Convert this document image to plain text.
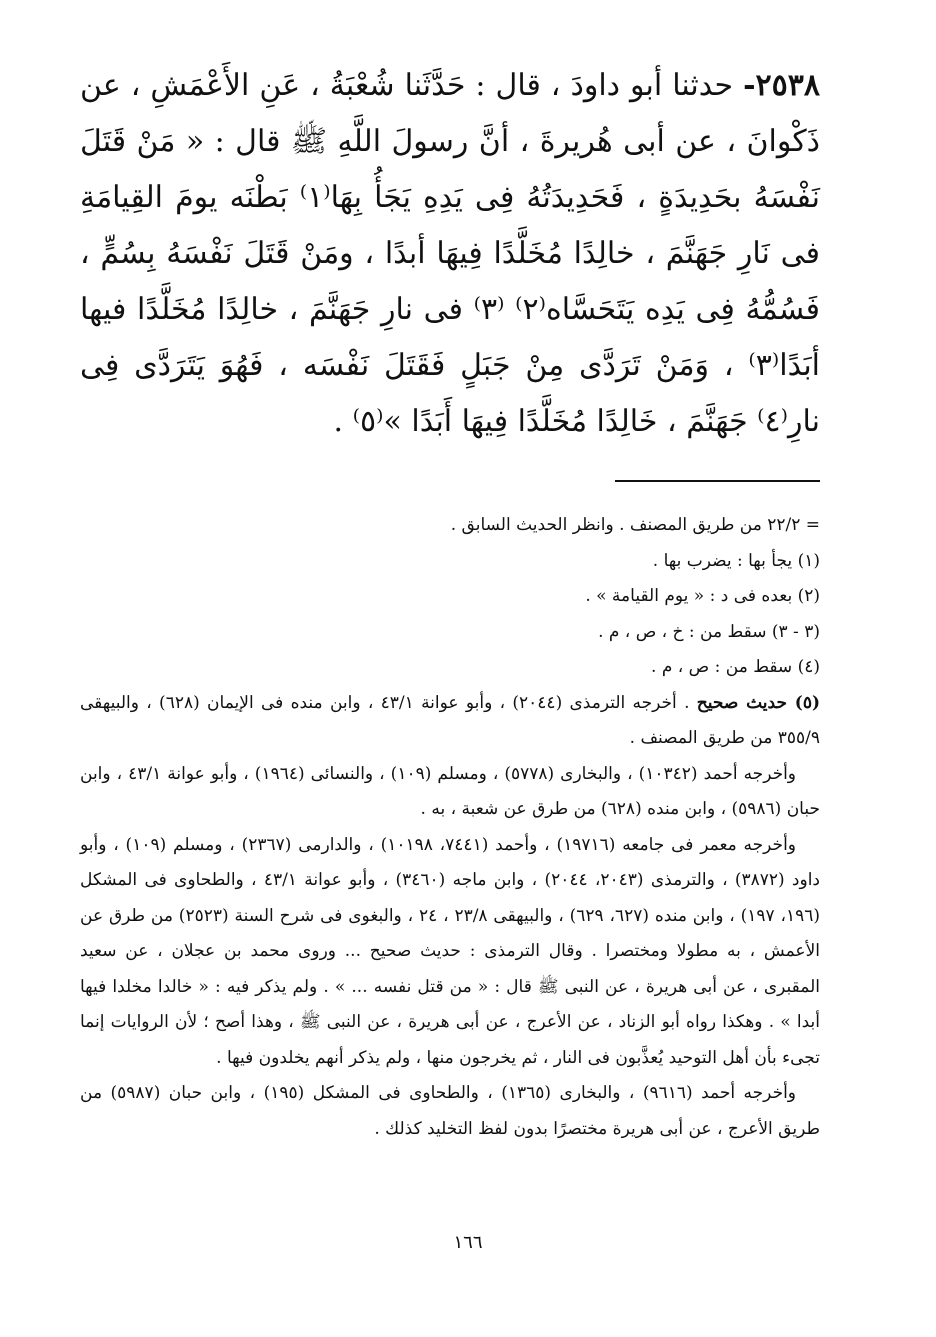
٢٥٣٨- حدثنا أبو داودَ ، قال : حَدَّثَنا شُعْبَةُ ، عَنِ الأَعْمَشِ ، عن ذَكْوانَ ، عن أبى هُريرةَ ، أنَّ رسولَ اللَّهِ ﷺ قال : « مَنْ قَتَلَ نَفْسَهُ بحَدِيدَةٍ ، فَحَدِيدَتُهُ فِى يَدِهِ يَجَأُ بِهَا⁽١⁾ بَطْنَه يومَ القِيامَةِ فى نَارِ جَهَنَّمَ ، خالِدًا مُخَلَّدًا فِيهَا أبدًا ، ومَنْ قَتَلَ نَفْسَهُ بِسُمٍّ ، فَسُمُّهُ فِى يَدِه يَتَحَسَّاه⁽٢⁾ ⁽٣⁾ فى نارِ جَهَنَّمَ ، خالِدًا مُخَلَّدًا فيها أبَدًا⁽٣⁾ ، وَمَنْ تَرَدَّى مِنْ جَبَلٍ فَقَتَلَ نَفْسَه ، فَهُوَ يَتَرَدَّى فِى نارِ⁽٤⁾ جَهَنَّمَ ، خَالِدًا مُخَلَّدًا فِيهَا أَبَدًا »⁽٥⁾ .

= ٢٢/٢ من طريق المصنف . وانظر الحديث السابق .

(١) يجأ بها : يضرب بها .

(٢) بعده فى د : « يوم القيامة » .

(٣ - ٣) سقط من : خ ، ص ، م .

(٤) سقط من : ص ، م .

(٥) حديث صحيح . أخرجه الترمذى (٢٠٤٤) ، وأبو عوانة ٤٣/١ ، وابن منده فى الإيمان (٦٢٨) ، والبيهقى ٣٥٥/٩ من طريق المصنف .

وأخرجه أحمد (١٠٣٤٢) ، والبخارى (٥٧٧٨) ، ومسلم (١٠٩) ، والنسائى (١٩٦٤) ، وأبو عوانة ٤٣/١ ، وابن حبان (٥٩٨٦) ، وابن منده (٦٢٨) من طرق عن شعبة ، به .

وأخرجه معمر فى جامعه (١٩٧١٦) ، وأحمد (٧٤٤١، ١٠١٩٨) ، والدارمى (٢٣٦٧) ، ومسلم (١٠٩) ، وأبو داود (٣٨٧٢) ، والترمذى (٢٠٤٣، ٢٠٤٤) ، وابن ماجه (٣٤٦٠) ، وأبو عوانة ٤٣/١ ، والطحاوى فى المشكل (١٩٦، ١٩٧) ، وابن منده (٦٢٧، ٦٢٩) ، والبيهقى ٢٣/٨ ، ٢٤ ، والبغوى فى شرح السنة (٢٥٢٣) من طرق عن الأعمش ، به مطولا ومختصرا . وقال الترمذى : حديث صحيح ... وروى محمد بن عجلان ، عن سعيد المقبرى ، عن أبى هريرة ، عن النبى ﷺ قال : « من قتل نفسه ... » . ولم يذكر فيه : « خالدا مخلدا فيها أبدا » . وهكذا رواه أبو الزناد ، عن الأعرج ، عن أبى هريرة ، عن النبى ﷺ ، وهذا أصح ؛ لأن الروايات إنما تجىء بأن أهل التوحيد يُعذَّبون فى النار ، ثم يخرجون منها ، ولم يذكر أنهم يخلدون فيها .

وأخرجه أحمد (٩٦١٦) ، والبخارى (١٣٦٥) ، والطحاوى فى المشكل (١٩٥) ، وابن حبان (٥٩٨٧) من طريق الأعرج ، عن أبى هريرة مختصرًا بدون لفظ التخليد كذلك .

١٦٦
